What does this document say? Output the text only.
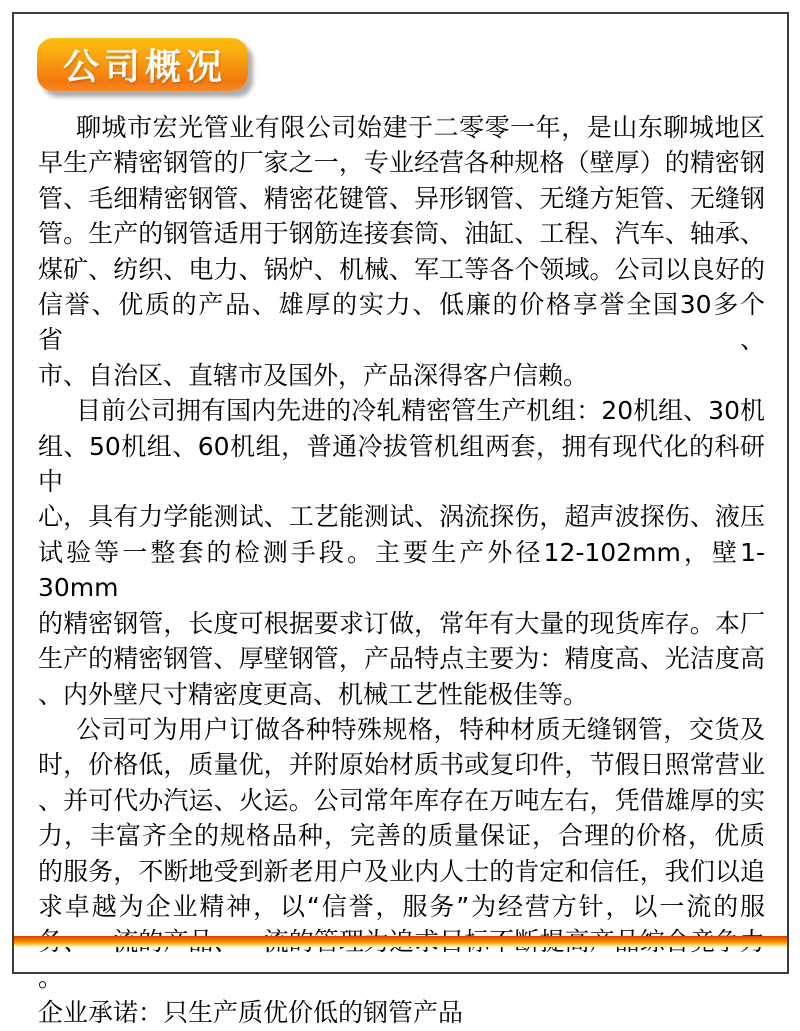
公司概况
聊城市宏光管业有限公司始建于二零零一年，是山东聊城地区
早生产精密钢管的厂家之一，专业经营各种规格（壁厚）的精密钢
管、毛细精密钢管、精密花键管、异形钢管、无缝方矩管、无缝钢
管。生产的钢管适用于钢筋连接套筒、油缸、工程、汽车、轴承、
煤矿、纺织、电力、锅炉、机械、军工等各个领域。公司以良好的
信誉、优质的产品、雄厚的实力、低廉的价格享誉全国30多个省、
市、自治区、直辖市及国外，产品深得客户信赖。
目前公司拥有国内先进的冷轧精密管生产机组：20机组、30机
组、50机组、60机组，普通冷拔管机组两套，拥有现代化的科研中
心，具有力学能测试、工艺能测试、涡流探伤，超声波探伤、液压
试验等一整套的检测手段。主要生产外径12-102mm，壁1-30mm
的精密钢管，长度可根据要求订做，常年有大量的现货库存。本厂
生产的精密钢管、厚壁钢管，产品特点主要为：精度高、光洁度高
、内外壁尺寸精密度更高、机械工艺性能极佳等。
公司可为用户订做各种特殊规格，特种材质无缝钢管，交货及
时，价格低，质量优，并附原始材质书或复印件，节假日照常营业
、并可代办汽运、火运。公司常年库存在万吨左右，凭借雄厚的实
力，丰富齐全的规格品种，完善的质量保证，合理的价格，优质
的服务，不断地受到新老用户及业内人士的肯定和信任，我们以追
求卓越为企业精神，以“信誉，服务”为经营方针，以一流的服
。
企业承诺：只生产质优价低的钢管产品
